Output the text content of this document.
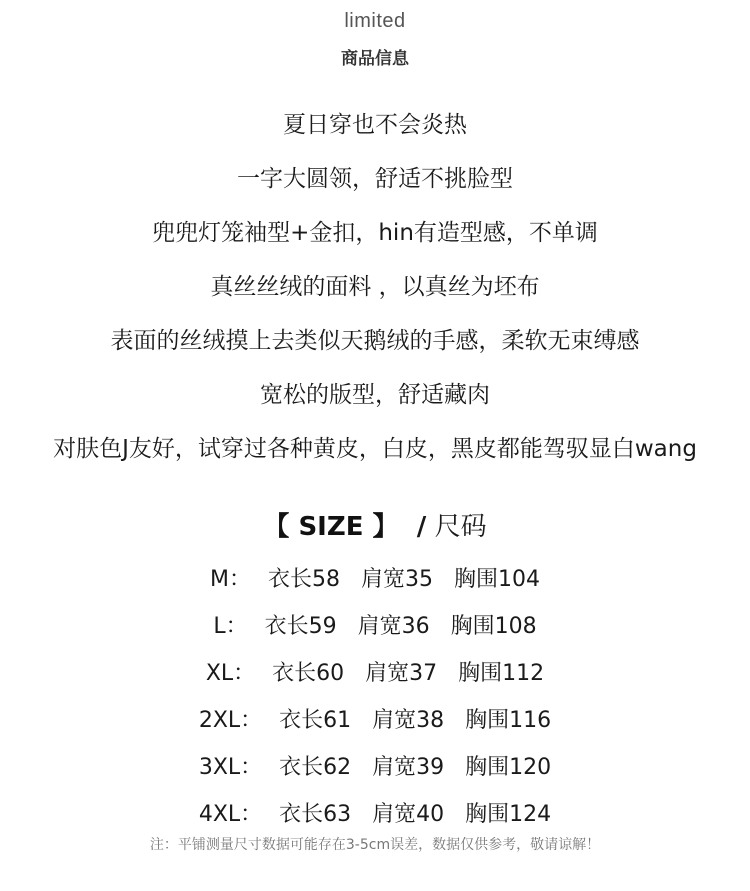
limited
商品信息
夏日穿也不会炎热
一字大圆领，舒适不挑脸型
兜兜灯笼袖型+金扣，hin有造型感，不单调
真丝丝绒的面料 ，以真丝为坯布
表面的丝绒摸上去类似天鹅绒的手感，柔软无束缚感
宽松的版型，舒适藏肉
对肤色J友好，试穿过各种黄皮，白皮，黑皮都能驾驭显白wang
【 SIZE 】 / 尺码
M： 衣长58 肩宽35 胸围104
L： 衣长59 肩宽36 胸围108
XL： 衣长60 肩宽37 胸围112
2XL： 衣长61 肩宽38 胸围116
3XL： 衣长62 肩宽39 胸围120
4XL： 衣长63 肩宽40 胸围124
注：平铺测量尺寸数据可能存在3-5cm误差，数据仅供参考，敬请谅解！
